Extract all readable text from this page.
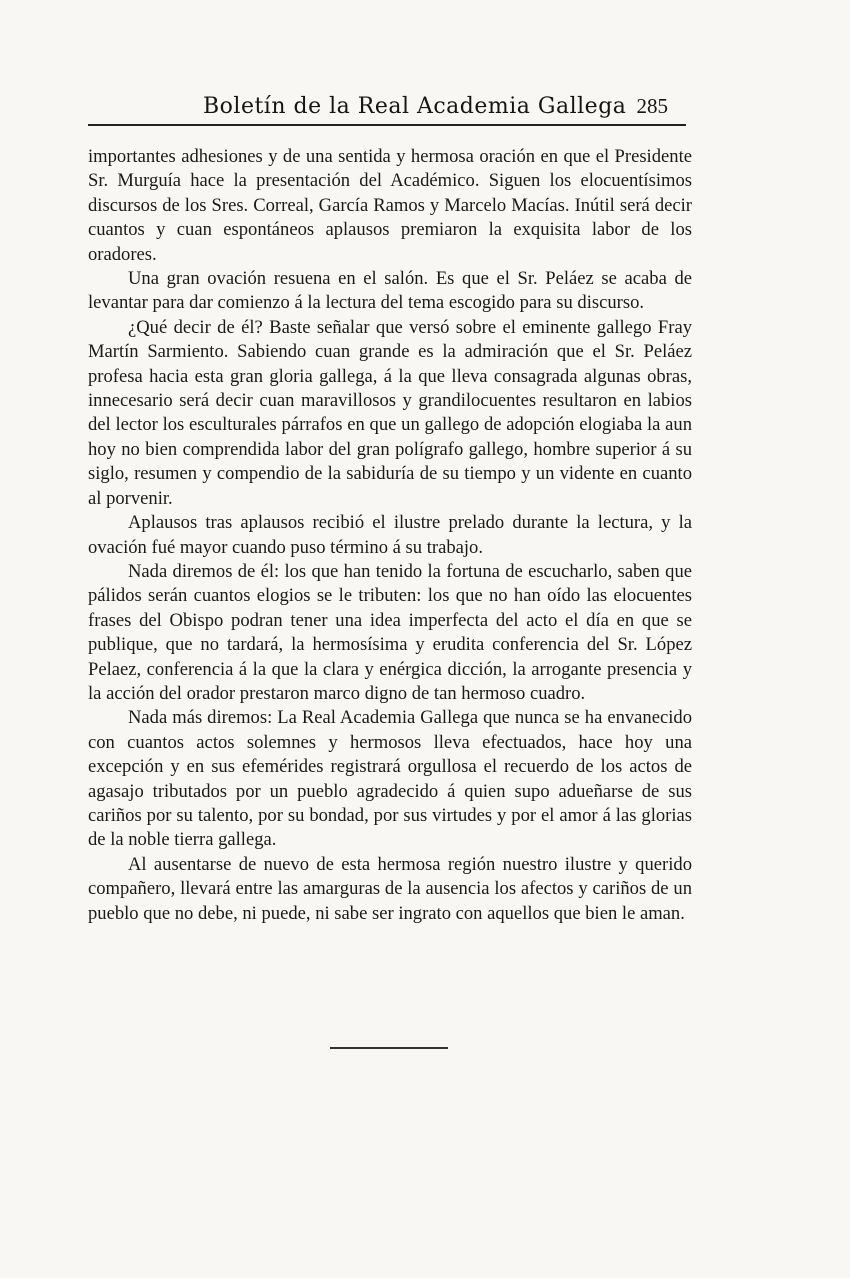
Boletín de la Real Academia Gallega 285

importantes adhesiones y de una sentida y hermosa oración en que el Presidente Sr. Murguía hace la presentación del Académico. Siguen los elocuentísimos discursos de los Sres. Correal, García Ramos y Marcelo Macías. Inútil será decir cuantos y cuan espontáneos aplausos premiaron la exquisita labor de los oradores.

Una gran ovación resuena en el salón. Es que el Sr. Peláez se acaba de levantar para dar comienzo á la lectura del tema escogido para su discurso.

¿Qué decir de él? Baste señalar que versó sobre el eminente gallego Fray Martín Sarmiento. Sabiendo cuan grande es la admiración que el Sr. Peláez profesa hacia esta gran gloria gallega, á la que lleva consagrada algunas obras, innecesario será decir cuan maravillosos y grandilocuentes resultaron en labios del lector los esculturales párrafos en que un gallego de adopción elogiaba la aun hoy no bien comprendida labor del gran polígrafo gallego, hombre superior á su siglo, resumen y compendio de la sabiduría de su tiempo y un vidente en cuanto al porvenir.

Aplausos tras aplausos recibió el ilustre prelado durante la lectura, y la ovación fué mayor cuando puso término á su trabajo.

Nada diremos de él: los que han tenido la fortuna de escucharlo, saben que pálidos serán cuantos elogios se le tributen: los que no han oído las elocuentes frases del Obispo podran tener una idea imperfecta del acto el día en que se publique, que no tardará, la hermosísima y erudita conferencia del Sr. López Pelaez, conferencia á la que la clara y enérgica dicción, la arrogante presencia y la acción del orador prestaron marco digno de tan hermoso cuadro.

Nada más diremos: La Real Academia Gallega que nunca se ha envanecido con cuantos actos solemnes y hermosos lleva efectuados, hace hoy una excepción y en sus efemérides registrará orgullosa el recuerdo de los actos de agasajo tributados por un pueblo agradecido á quien supo adueñarse de sus cariños por su talento, por su bondad, por sus virtudes y por el amor á las glorias de la noble tierra gallega.

Al ausentarse de nuevo de esta hermosa región nuestro ilustre y querido compañero, llevará entre las amarguras de la ausencia los afectos y cariños de un pueblo que no debe, ni puede, ni sabe ser ingrato con aquellos que bien le aman.
